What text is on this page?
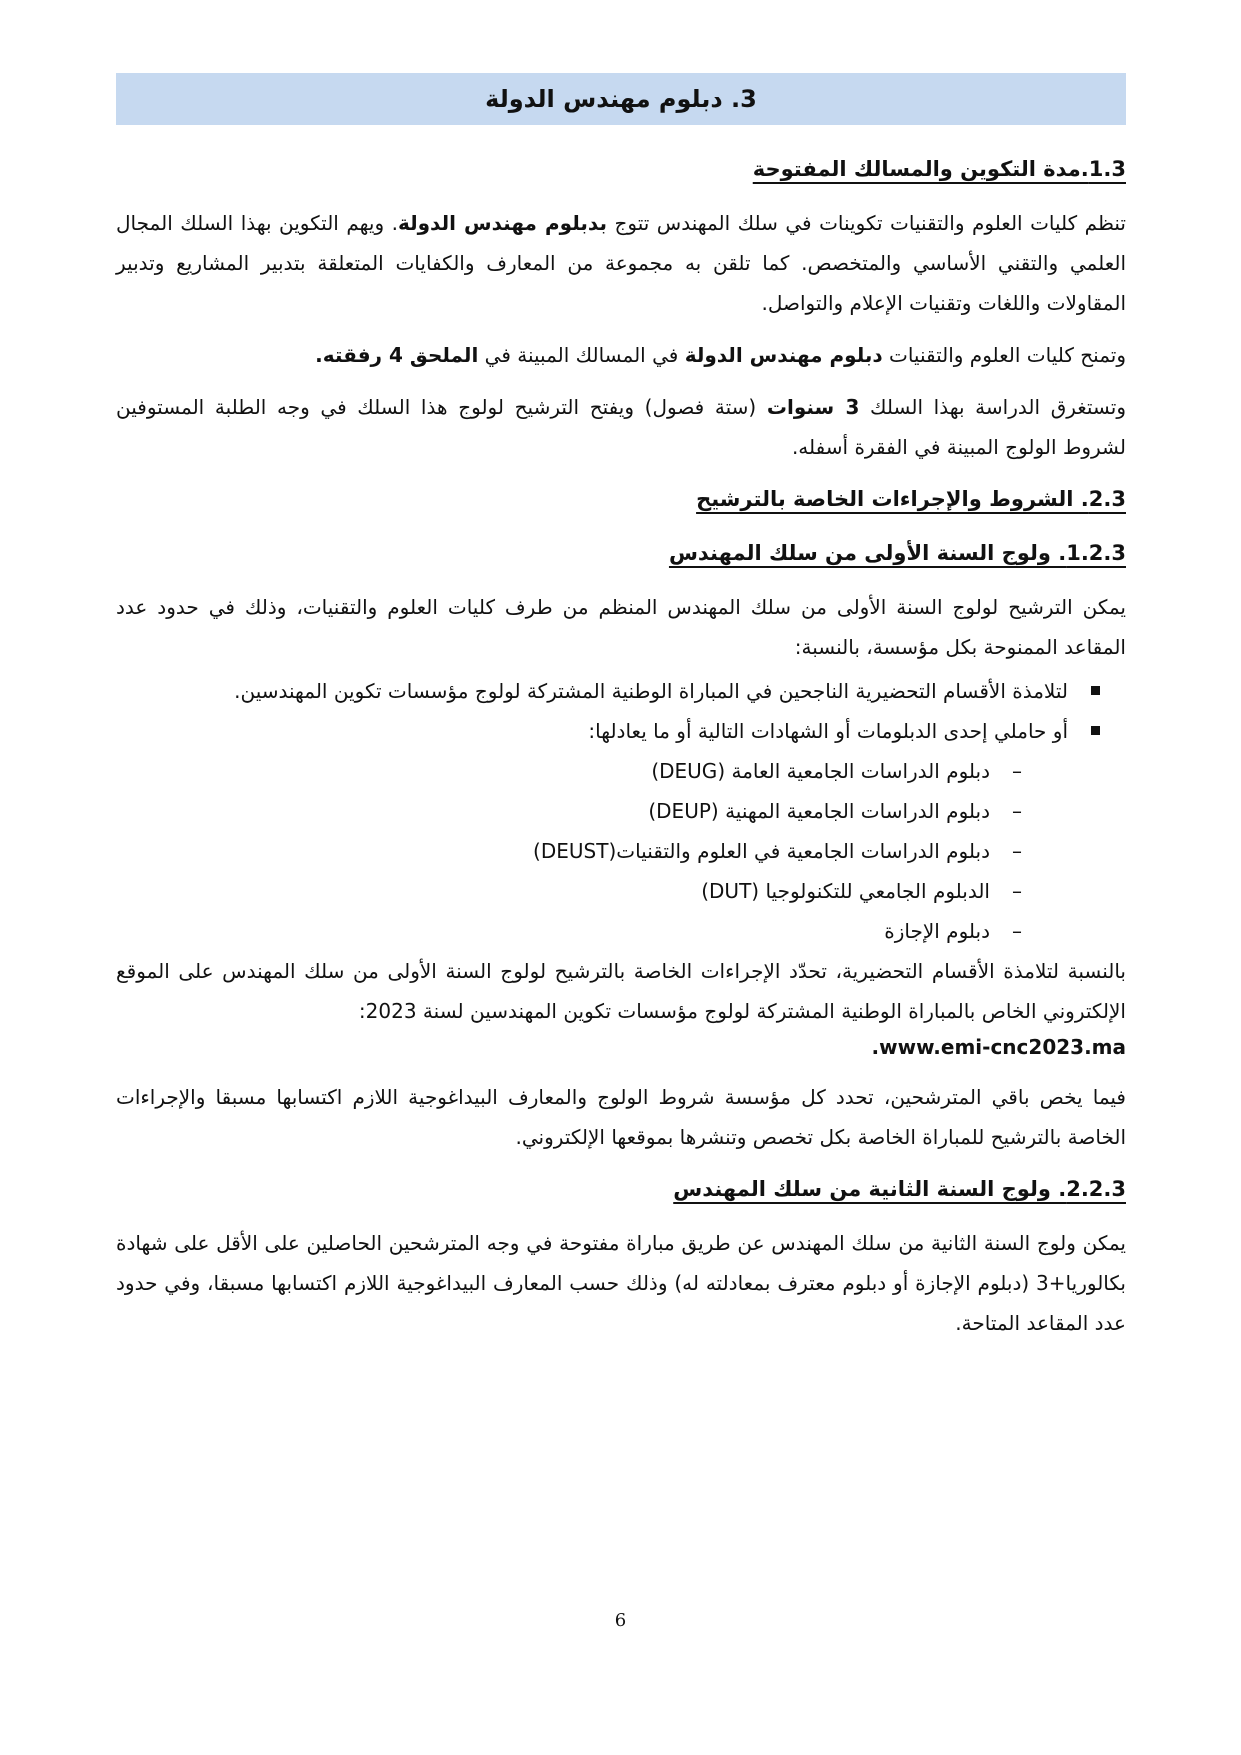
3. دبلوم مهندس الدولة
1.3.مدة التكوين والمسالك المفتوحة

تنظم كليات العلوم والتقنيات تكوينات في سلك المهندس تتوج بدبلوم مهندس الدولة. ويهم التكوين بهذا السلك المجال العلمي والتقني الأساسي والمتخصص. كما تلقن به مجموعة من المعارف والكفايات المتعلقة بتدبير المشاريع وتدبير المقاولات واللغات وتقنيات الإعلام والتواصل.

وتمنح كليات العلوم والتقنيات دبلوم مهندس الدولة في المسالك المبينة في الملحق 4 رفقته.

وتستغرق الدراسة بهذا السلك 3 سنوات (ستة فصول) ويفتح الترشيح لولوج هذا السلك في وجه الطلبة المستوفين لشروط الولوج المبينة في الفقرة أسفله.

2.3. الشروط والإجراءات الخاصة بالترشيح
1.2.3. ولوج السنة الأولى من سلك المهندس

يمكن الترشيح لولوج السنة الأولى من سلك المهندس المنظم من طرف كليات العلوم والتقنيات، وذلك في حدود عدد المقاعد الممنوحة بكل مؤسسة، بالنسبة:

لتلامذة الأقسام التحضيرية الناجحين في المباراة الوطنية المشتركة لولوج مؤسسات تكوين المهندسين.
أو حاملي إحدى الدبلومات أو الشهادات التالية أو ما يعادلها:
–
دبلوم الدراسات الجامعية العامة (DEUG)
–
دبلوم الدراسات الجامعية المهنية (DEUP)
–
دبلوم الدراسات الجامعية في العلوم والتقنيات(DEUST)
–
الدبلوم الجامعي للتكنولوجيا (DUT)
–
دبلوم الإجازة

بالنسبة لتلامذة الأقسام التحضيرية، تحدّد الإجراءات الخاصة بالترشيح لولوج السنة الأولى من سلك المهندس على الموقع الإلكتروني الخاص بالمباراة الوطنية المشتركة لولوج مؤسسات تكوين المهندسين لسنة 2023:

.www.emi-cnc2023.ma

فيما يخص باقي المترشحين، تحدد كل مؤسسة شروط الولوج والمعارف البيداغوجية اللازم اكتسابها مسبقا والإجراءات الخاصة بالترشيح للمباراة الخاصة بكل تخصص وتنشرها بموقعها الإلكتروني.

2.2.3. ولوج السنة الثانية من سلك المهندس

يمكن ولوج السنة الثانية من سلك المهندس عن طريق مباراة مفتوحة في وجه المترشحين الحاصلين على الأقل على شهادة بكالوريا+3 (دبلوم الإجازة أو دبلوم معترف بمعادلته له) وذلك حسب المعارف البيداغوجية اللازم اكتسابها مسبقا، وفي حدود عدد المقاعد المتاحة.

6
